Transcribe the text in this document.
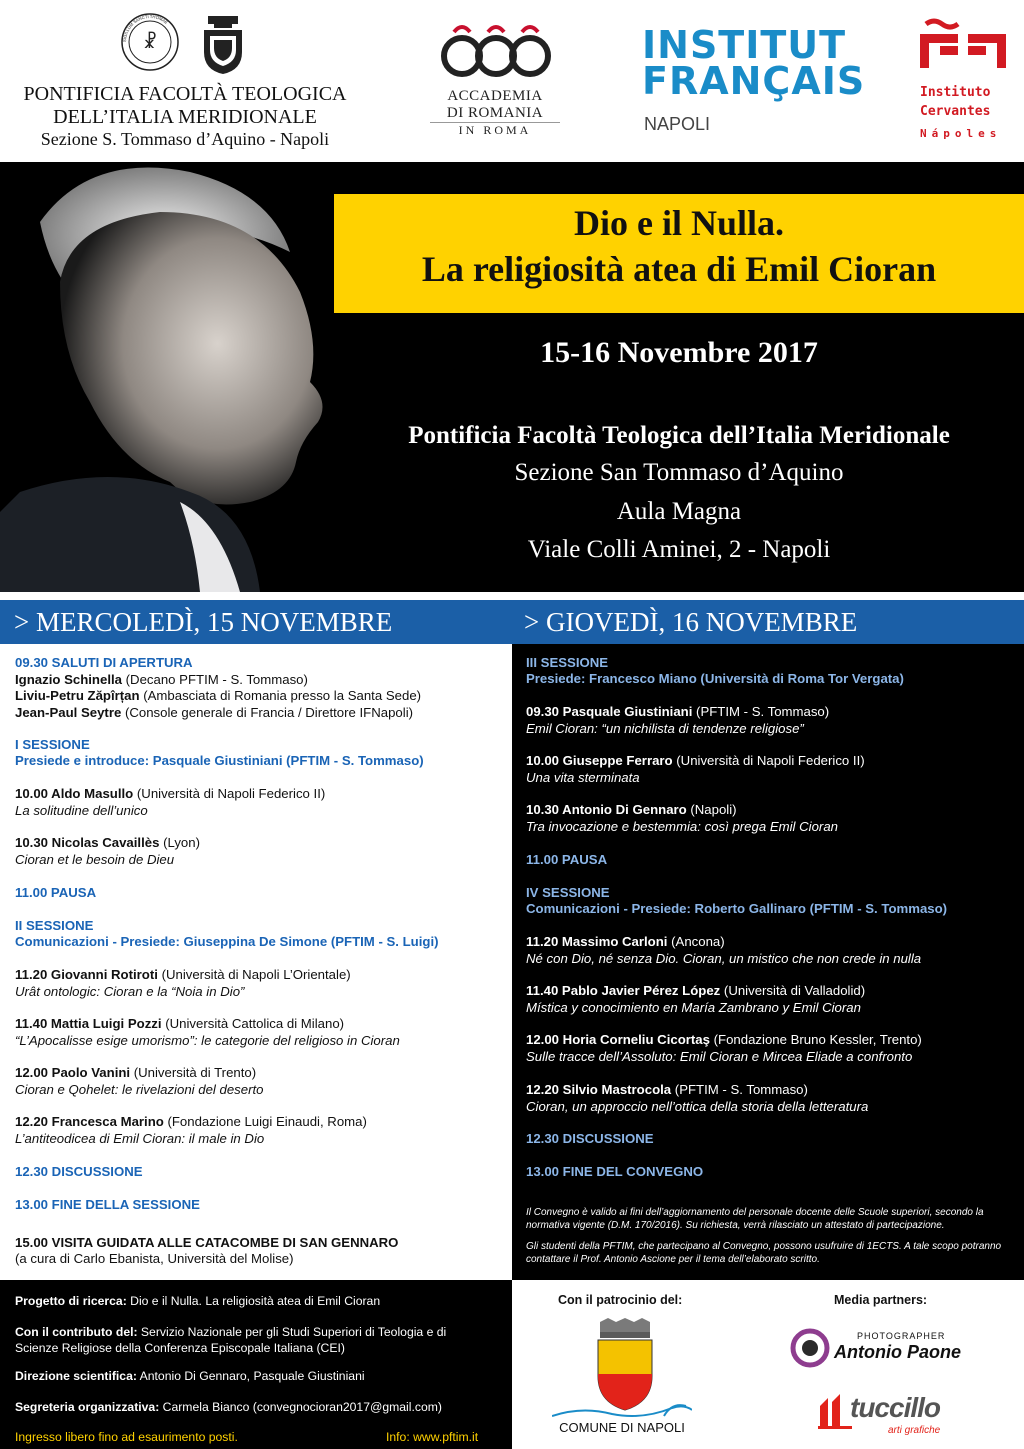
☧
SIGILLUM SANCTI THOMAE
PONTIFICIA FACOLTÀ TEOLOGICA
DELL’ITALIA MERIDIONALE
Sezione S. Tommaso d’Aquino - Napoli
ACCADEMIA
DI ROMANIA
IN ROMA
INSTITUT
FRANÇAIS
NAPOLI
Instituto
Cervantes
Nápoles
Dio e il Nulla.
La religiosità atea di Emil Cioran
15-16 Novembre 2017
Pontificia Facoltà Teologica dell’Italia Meridionale
Sezione San Tommaso d’Aquino
Aula Magna
Viale Colli Aminei, 2 - Napoli
> MERCOLEDÌ, 15 NOVEMBRE	> GIOVEDÌ, 16 NOVEMBRE
09.30 SALUTI DI APERTURA
Ignazio Schinella (Decano PFTIM - S. Tommaso)
Liviu-Petru Zăpîrțan (Ambasciata di Romania presso la Santa Sede)
Jean-Paul Seytre (Console generale di Francia / Direttore IFNapoli)
I SESSIONE
Presiede e introduce: Pasquale Giustiniani (PFTIM - S. Tommaso)
10.00 Aldo Masullo (Università di Napoli Federico II)
La solitudine dell’unico
10.30 Nicolas Cavaillès (Lyon)
Cioran et le besoin de Dieu
11.00 PAUSA
II SESSIONE
Comunicazioni - Presiede: Giuseppina De Simone (PFTIM - S. Luigi)
11.20 Giovanni Rotiroti (Università di Napoli L’Orientale)
Urât ontologic: Cioran e la “Noia in Dio”
11.40 Mattia Luigi Pozzi (Università Cattolica di Milano)
“L’Apocalisse esige umorismo”: le categorie del religioso in Cioran
12.00 Paolo Vanini (Università di Trento)
Cioran e Qohelet: le rivelazioni del deserto
12.20 Francesca Marino (Fondazione Luigi Einaudi, Roma)
L’antiteodicea di Emil Cioran: il male in Dio
12.30 DISCUSSIONE
13.00 FINE DELLA SESSIONE
15.00 VISITA GUIDATA ALLE CATACOMBE DI SAN GENNARO
(a cura di Carlo Ebanista, Università del Molise)
III SESSIONE
Presiede: Francesco Miano (Università di Roma Tor Vergata)
09.30 Pasquale Giustiniani (PFTIM - S. Tommaso)
Emil Cioran: “un nichilista di tendenze religiose”
10.00 Giuseppe Ferraro (Università di Napoli Federico II)
Una vita sterminata
10.30 Antonio Di Gennaro (Napoli)
Tra invocazione e bestemmia: così prega Emil Cioran
11.00 PAUSA
IV SESSIONE
Comunicazioni - Presiede: Roberto Gallinaro (PFTIM - S. Tommaso)
11.20 Massimo Carloni (Ancona)
Né con Dio, né senza Dio. Cioran, un mistico che non crede in nulla
11.40 Pablo Javier Pérez López (Università di Valladolid)
Mística y conocimiento en María Zambrano y Emil Cioran
12.00 Horia Corneliu Cicortaş (Fondazione Bruno Kessler, Trento)
Sulle tracce dell’Assoluto: Emil Cioran e Mircea Eliade a confronto
12.20 Silvio Mastrocola (PFTIM - S. Tommaso)
Cioran, un approccio nell’ottica della storia della letteratura
12.30 DISCUSSIONE
13.00 FINE DEL CONVEGNO
Il Convegno è valido ai fini dell’aggiornamento del personale docente delle Scuole superiori, secondo la normativa vigente (D.M. 170/2016). Su richiesta, verrà rilasciato un attestato di partecipazione.
Gli studenti della PFTIM, che partecipano al Convegno, possono usufruire di 1ECTS. A tale scopo potranno contattare il Prof. Antonio Ascione per il tema dell’elaborato scritto.
Progetto di ricerca: Dio e il Nulla. La religiosità atea di Emil Cioran
Con il contributo del: Servizio Nazionale per gli Studi Superiori di Teologia e di
Scienze Religiose della Conferenza Episcopale Italiana (CEI)
Direzione scientifica: Antonio Di Gennaro, Pasquale Giustiniani
Segreteria organizzativa: Carmela Bianco (convegnocioran2017@gmail.com)
Ingresso libero fino ad esaurimento posti.	Info: www.pftim.it
Con il patrocinio del:
COMUNE DI NAPOLI
Media partners:
PHOTOGRAPHER
Antonio Paone
tuccillo
arti grafiche
